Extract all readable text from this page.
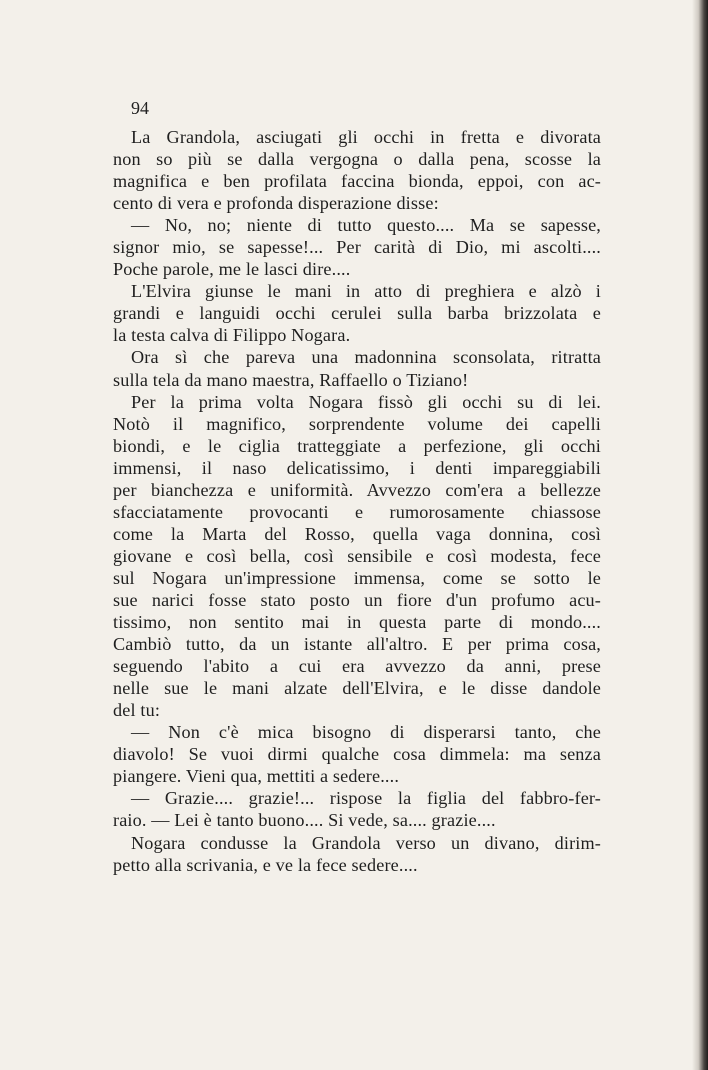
94
La Grandola, asciugati gli occhi in fretta e divorata
non so più se dalla vergogna o dalla pena, scosse la
magnifica e ben profilata faccina bionda, eppoi, con ac-
cento di vera e profonda disperazione disse:
— No, no; niente di tutto questo.... Ma se sapesse,
signor mio, se sapesse!... Per carità di Dio, mi ascolti....
Poche parole, me le lasci dire....
L'Elvira giunse le mani in atto di preghiera e alzò i
grandi e languidi occhi cerulei sulla barba brizzolata e
la testa calva di Filippo Nogara.
Ora sì che pareva una madonnina sconsolata, ritratta
sulla tela da mano maestra, Raffaello o Tiziano!
Per la prima volta Nogara fissò gli occhi su di lei.
Notò il magnifico, sorprendente volume dei capelli
biondi, e le ciglia tratteggiate a perfezione, gli occhi
immensi, il naso delicatissimo, i denti impareggiabili
per bianchezza e uniformità. Avvezzo com'era a bellezze
sfacciatamente provocanti e rumorosamente chiassose
come la Marta del Rosso, quella vaga donnina, così
giovane e così bella, così sensibile e così modesta, fece
sul Nogara un'impressione immensa, come se sotto le
sue narici fosse stato posto un fiore d'un profumo acu-
tissimo, non sentito mai in questa parte di mondo....
Cambiò tutto, da un istante all'altro. E per prima cosa,
seguendo l'abito a cui era avvezzo da anni, prese
nelle sue le mani alzate dell'Elvira, e le disse dandole
del tu:
— Non c'è mica bisogno di disperarsi tanto, che
diavolo! Se vuoi dirmi qualche cosa dimmela: ma senza
piangere. Vieni qua, mettiti a sedere....
— Grazie.... grazie!... rispose la figlia del fabbro-fer-
raio. — Lei è tanto buono.... Si vede, sa.... grazie....
Nogara condusse la Grandola verso un divano, dirim-
petto alla scrivania, e ve la fece sedere....
